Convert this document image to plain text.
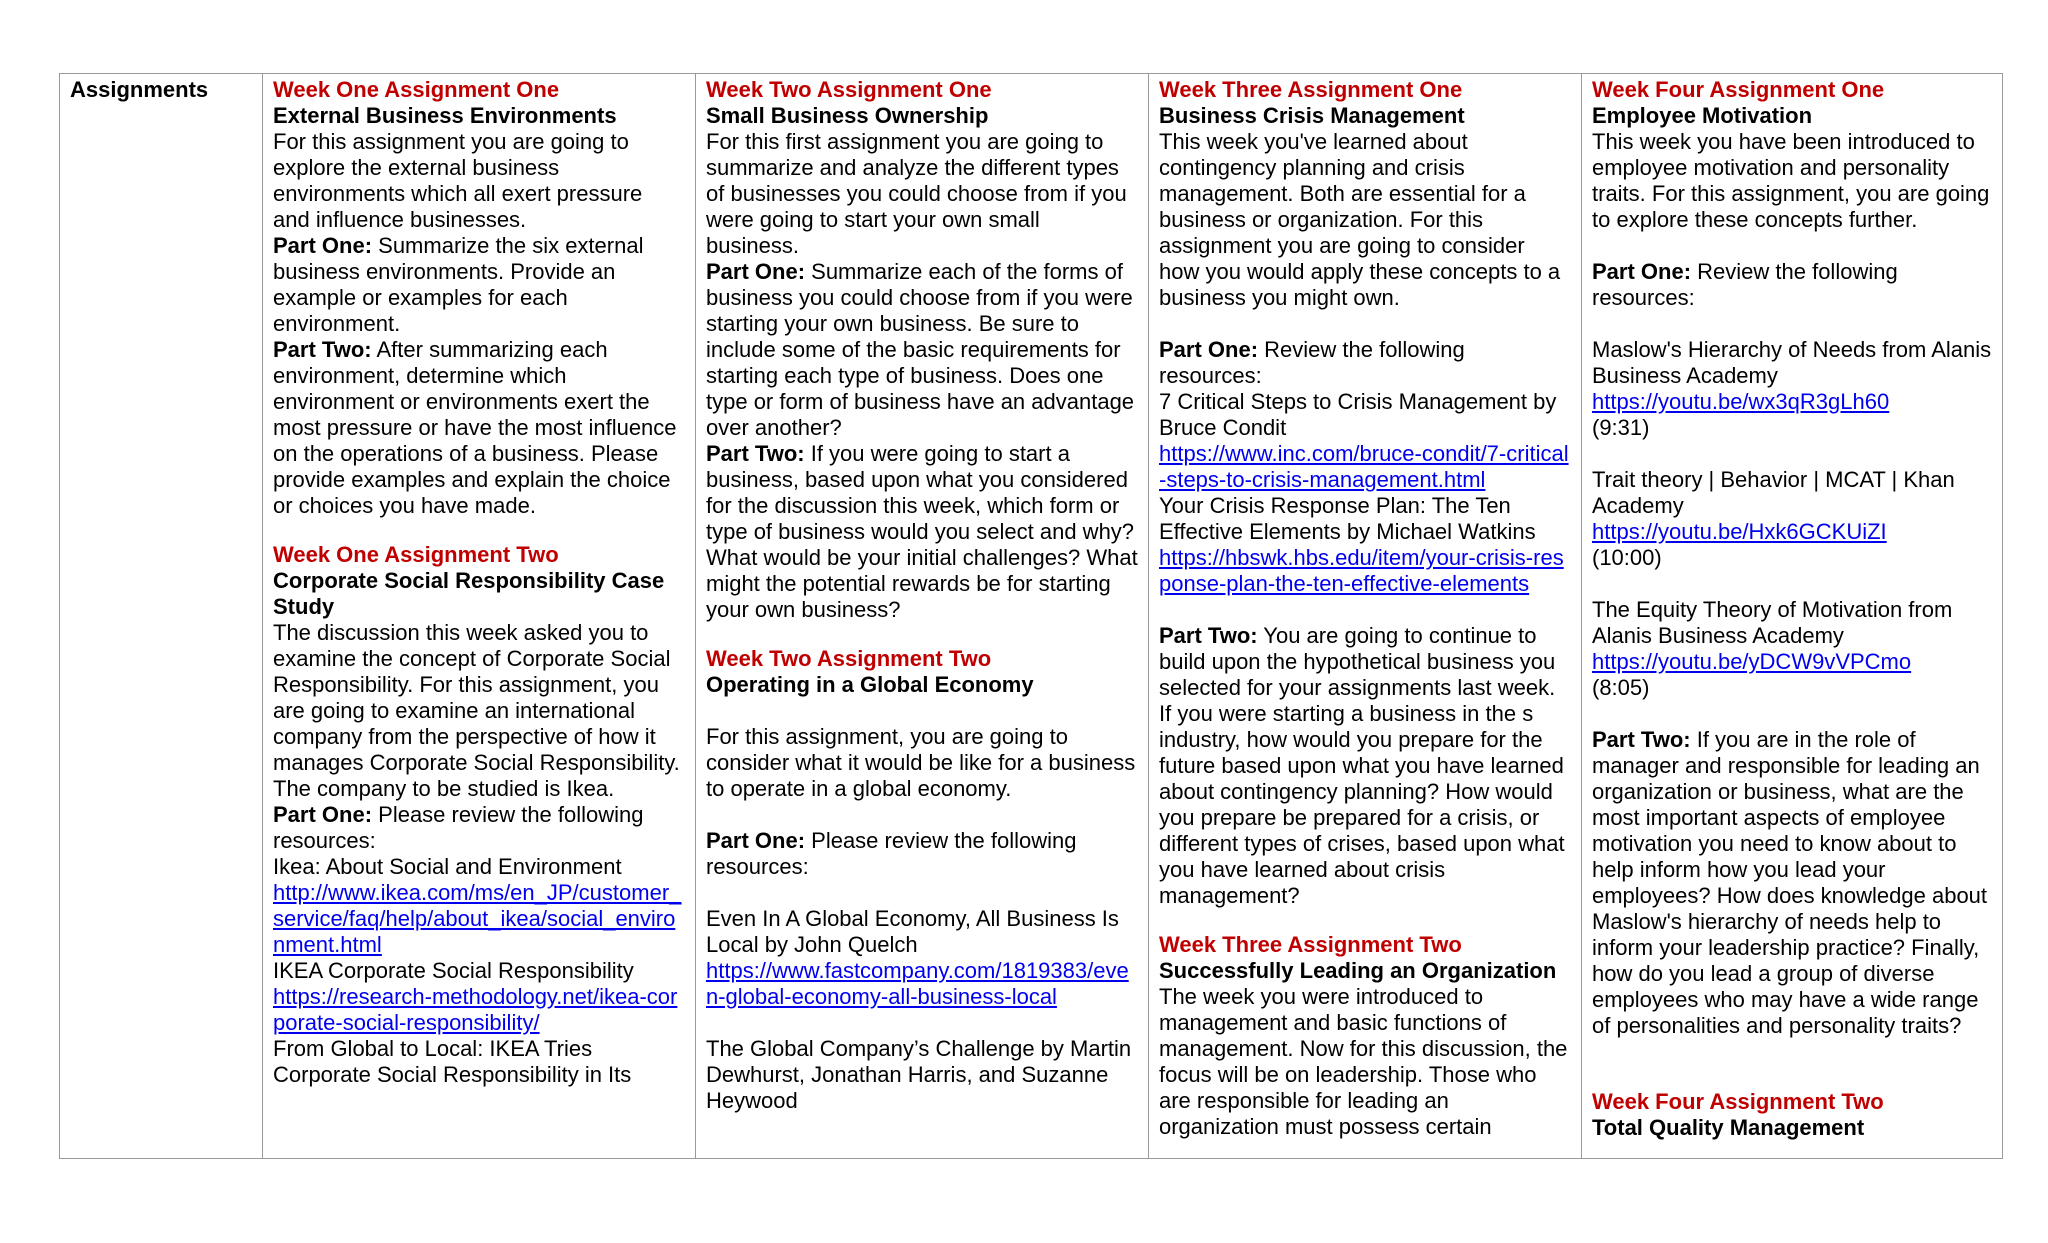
Assignments	Week One Assignment One

External Business Environments

For this assignment you are going to explore the external business environments which all exert pressure and influence businesses.

Part One: Summarize the six external business environments. Provide an example or examples for each environment.

Part Two: After summarizing each environment, determine which environment or environments exert the most pressure or have the most influence on the operations of a business. Please provide examples and explain the choice or choices you have made.

Week One Assignment Two

Corporate Social Responsibility Case Study

The discussion this week asked you to examine the concept of Corporate Social Responsibility. For this assignment, you are going to examine an international company from the perspective of how it manages Corporate Social Responsibility. The company to be studied is Ikea.

Part One: Please review the following resources:

Ikea: About Social and Environment

http://www.ikea.com/ms/en_JP/customer_service/faq/help/about_ikea/social_environment.html

IKEA Corporate Social Responsibility

https://research-methodology.net/ikea-corporate-social-responsibility/

From Global to Local: IKEA Tries Corporate Social Responsibility in Its

Week Two Assignment One

Small Business Ownership

For this first assignment you are going to summarize and analyze the different types of businesses you could choose from if you were going to start your own small business.

Part One: Summarize each of the forms of business you could choose from if you were starting your own business. Be sure to include some of the basic requirements for starting each type of business. Does one type or form of business have an advantage over another?

Part Two: If you were going to start a business, based upon what you considered for the discussion this week, which form or type of business would you select and why? What would be your initial challenges? What might the potential rewards be for starting your own business?

Week Two Assignment Two

Operating in a Global Economy

For this assignment, you are going to consider what it would be like for a business to operate in a global economy.

Part One: Please review the following resources:

Even In A Global Economy, All Business Is Local by John Quelch

https://www.fastcompany.com/1819383/even-global-economy-all-business-local

The Global Company’s Challenge by Martin Dewhurst, Jonathan Harris, and Suzanne Heywood

Week Three Assignment One

Business Crisis Management

This week you've learned about contingency planning and crisis management. Both are essential for a business or organization. For this assignment you are going to consider how you would apply these concepts to a business you might own.

Part One: Review the following resources:

7 Critical Steps to Crisis Management by Bruce Condit

https://www.inc.com/bruce-condit/7-critical-steps-to-crisis-management.html

Your Crisis Response Plan: The Ten Effective Elements by Michael Watkins

https://hbswk.hbs.edu/item/your-crisis-response-plan-the-ten-effective-elements

Part Two: You are going to continue to build upon the hypothetical business you selected for your assignments last week. If you were starting a business in the s industry, how would you prepare for the future based upon what you have learned about contingency planning? How would you prepare be prepared for a crisis, or different types of crises, based upon what you have learned about crisis management?

Week Three Assignment Two

Successfully Leading an Organization

The week you were introduced to management and basic functions of management. Now for this discussion, the focus will be on leadership. Those who are responsible for leading an organization must possess certain

Week Four Assignment One

Employee Motivation

This week you have been introduced to employee motivation and personality traits. For this assignment, you are going to explore these concepts further.

Part One: Review the following resources:

Maslow's Hierarchy of Needs from Alanis Business Academy

https://youtu.be/wx3qR3gLh60

(9:31)

Trait theory | Behavior | MCAT | Khan Academy

https://youtu.be/Hxk6GCKUiZI

(10:00)

The Equity Theory of Motivation from Alanis Business Academy

https://youtu.be/yDCW9vVPCmo

(8:05)

Part Two: If you are in the role of manager and responsible for leading an organization or business, what are the most important aspects of employee motivation you need to know about to help inform how you lead your employees? How does knowledge about Maslow's hierarchy of needs help to inform your leadership practice? Finally, how do you lead a group of diverse employees who may have a wide range of personalities and personality traits?

Week Four Assignment Two

Total Quality Management
